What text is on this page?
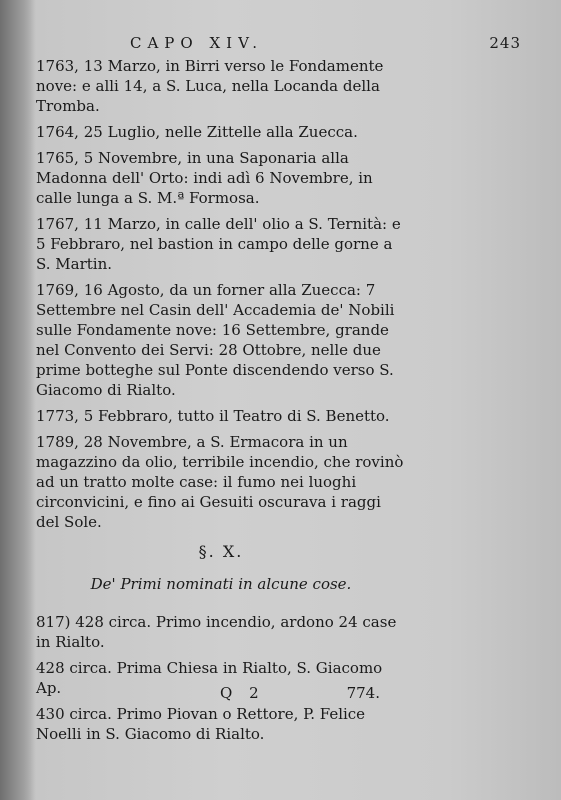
CAPO XIV.	243

1763, 13 Marzo, in Birri verso le Fondamente nove: e alli 14, a S. Luca, nella Locanda della Tromba.

1764, 25 Luglio, nelle Zittelle alla Zuecca.

1765, 5 Novembre, in una Saponaria alla Madonna dell' Orto: indi adì 6 Novembre, in calle lunga a S. M.ª Formosa.

1767, 11 Marzo, in calle dell' olio a S. Ternità: e 5 Febbraro, nel bastion in campo delle gorne a S. Martin.

1769, 16 Agosto, da un forner alla Zuecca: 7 Settembre nel Casin dell' Accademia de' Nobili sulle Fondamente nove: 16 Settembre, grande nel Convento dei Servi: 28 Ottobre, nelle due prime botteghe sul Ponte discendendo verso S. Giacomo di Rialto.

1773, 5 Febbraro, tutto il Teatro di S. Benetto.

1789, 28 Novembre, a S. Ermacora in un magazzino da olio, terribile incendio, che rovinò ad un tratto molte case: il fumo nei luoghi circonvicini, e fino ai Gesuiti oscurava i raggi del Sole.

§. X.
De' Primi nominati in alcune cose.

817) 428 circa. Primo incendio, ardono 24 case in Rialto.

428 circa. Prima Chiesa in Rialto, S. Giacomo Ap.

430 circa. Primo Piovan o Rettore, P. Felice Noelli in S. Giacomo di Rialto.

Q 2	774.
